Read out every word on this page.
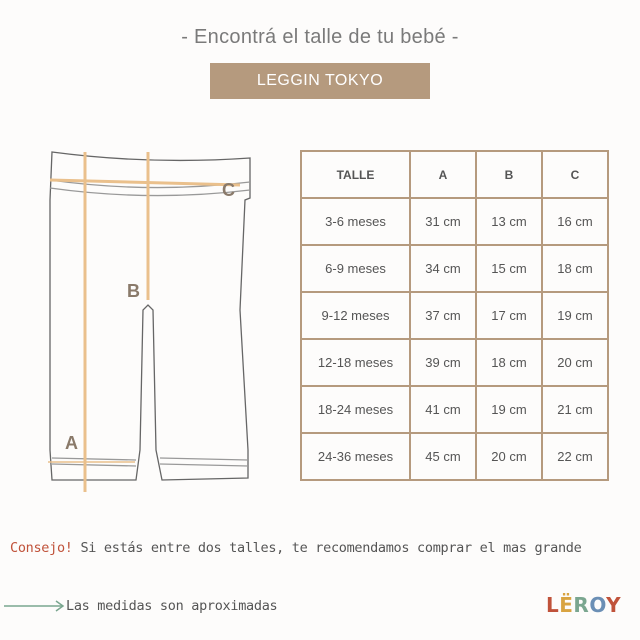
- Encontrá el talle de tu bebé -
LEGGIN TOKYO
C
B
A
TALLE	A	B	C
3-6 meses	31 cm	13 cm	16 cm
6-9 meses	34 cm	15 cm	18 cm
9-12 meses	37 cm	17 cm	19 cm
12-18 meses	39 cm	18 cm	20 cm
18-24 meses	41 cm	19 cm	21 cm
24-36 meses	45 cm	20 cm	22 cm
Consejo! Si estás entre dos talles, te recomendamos comprar el mas grande
Las medidas son aproximadas	LËROY
